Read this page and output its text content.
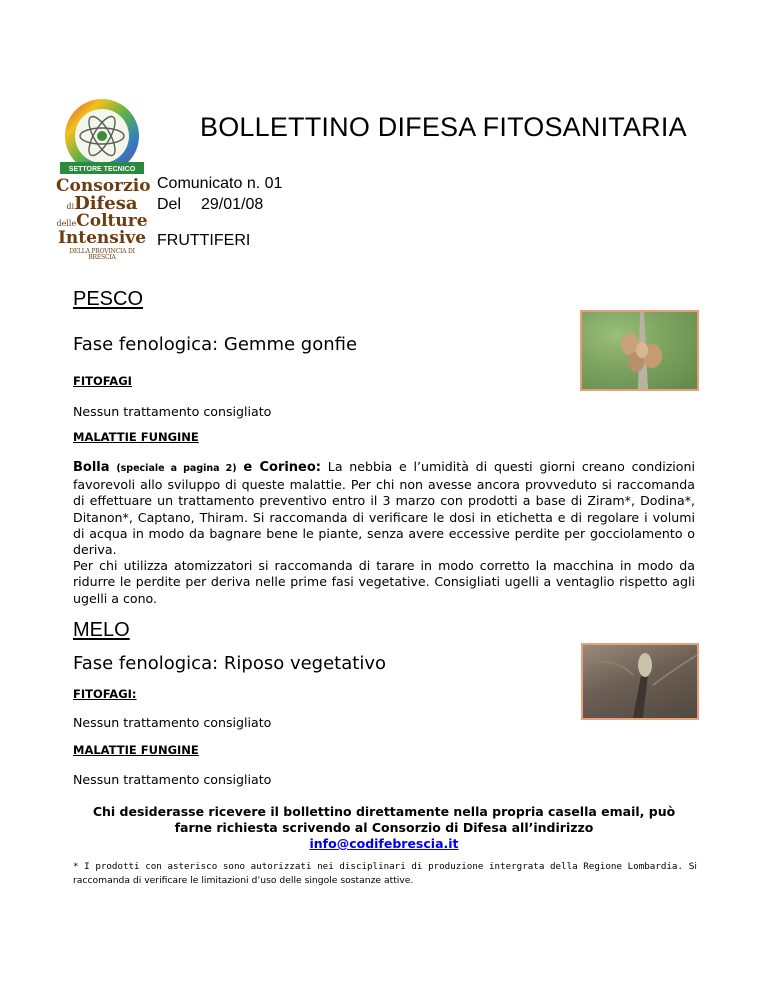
SETTORE TECNICO
Consorzio
diDifesa
delleColture
Intensive
DELLA PROVINCIA DI BRESCIA
BOLLETTINO DIFESA FITOSANITARIA
Comunicato n. 01
Del 29/01/08
FRUTTIFERI
PESCO
Fase fenologica: Gemme gonfie
FITOFAGI
Nessun trattamento consigliato
MALATTIE FUNGINE
Bolla (speciale a pagina 2) e Corineo: La nebbia e l’umidità di questi giorni creano condizioni favorevoli allo sviluppo di queste malattie. Per chi non avesse ancora provveduto si raccomanda di effettuare un trattamento preventivo entro il 3 marzo con prodotti a base di Ziram*, Dodina*, Ditanon*, Captano, Thiram. Si raccomanda di verificare le dosi in etichetta e di regolare i volumi di acqua in modo da bagnare bene le piante, senza avere eccessive perdite per gocciolamento o deriva.
Per chi utilizza atomizzatori si raccomanda di tarare in modo corretto la macchina in modo da ridurre le perdite per deriva nelle prime fasi vegetative. Consigliati ugelli a ventaglio rispetto agli ugelli a cono.
MELO
Fase fenologica: Riposo vegetativo
FITOFAGI:
Nessun trattamento consigliato
MALATTIE FUNGINE
Nessun trattamento consigliato
Chi desiderasse ricevere il bollettino direttamente nella propria casella email, può
farne richiesta scrivendo al Consorzio di Difesa all’indirizzo
info@codifebrescia.it
* I prodotti con asterisco sono autorizzati nei disciplinari di produzione intergrata della Regione Lombardia. Si raccomanda di verificare le limitazioni d’uso delle singole sostanze attive.
